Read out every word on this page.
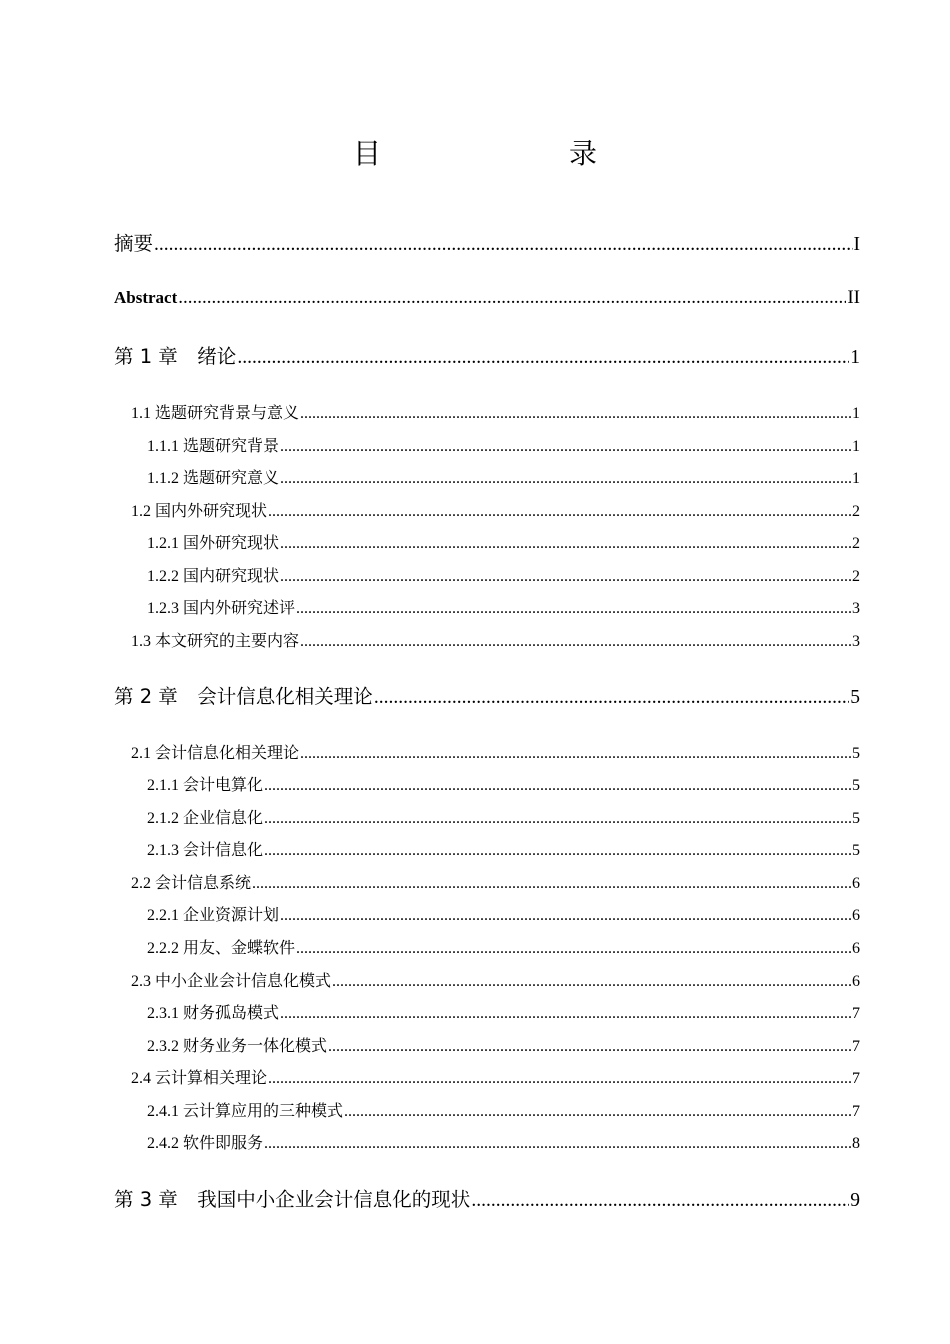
目　　录
摘要 .....	I
Abstract .....	II
第 1 章　绪论 .....	1
1.1 选题研究背景与意义 .....	1
1.1.1 选题研究背景 .....	1
1.1.2 选题研究意义 .....	1
1.2 国内外研究现状 .....	2
1.2.1 国外研究现状 .....	2
1.2.2 国内研究现状 .....	2
1.2.3 国内外研究述评 .....	3
1.3 本文研究的主要内容 .....	3
第 2 章　会计信息化相关理论 .....	5
2.1 会计信息化相关理论 .....	5
2.1.1 会计电算化 .....	5
2.1.2 企业信息化 .....	5
2.1.3 会计信息化 .....	5
2.2 会计信息系统 .....	6
2.2.1 企业资源计划 .....	6
2.2.2 用友、金蝶软件 .....	6
2.3 中小企业会计信息化模式 .....	6
2.3.1 财务孤岛模式 .....	7
2.3.2 财务业务一体化模式 .....	7
2.4 云计算相关理论 .....	7
2.4.1 云计算应用的三种模式 .....	7
2.4.2 软件即服务 .....	8
第 3 章　我国中小企业会计信息化的现状 .....	9
